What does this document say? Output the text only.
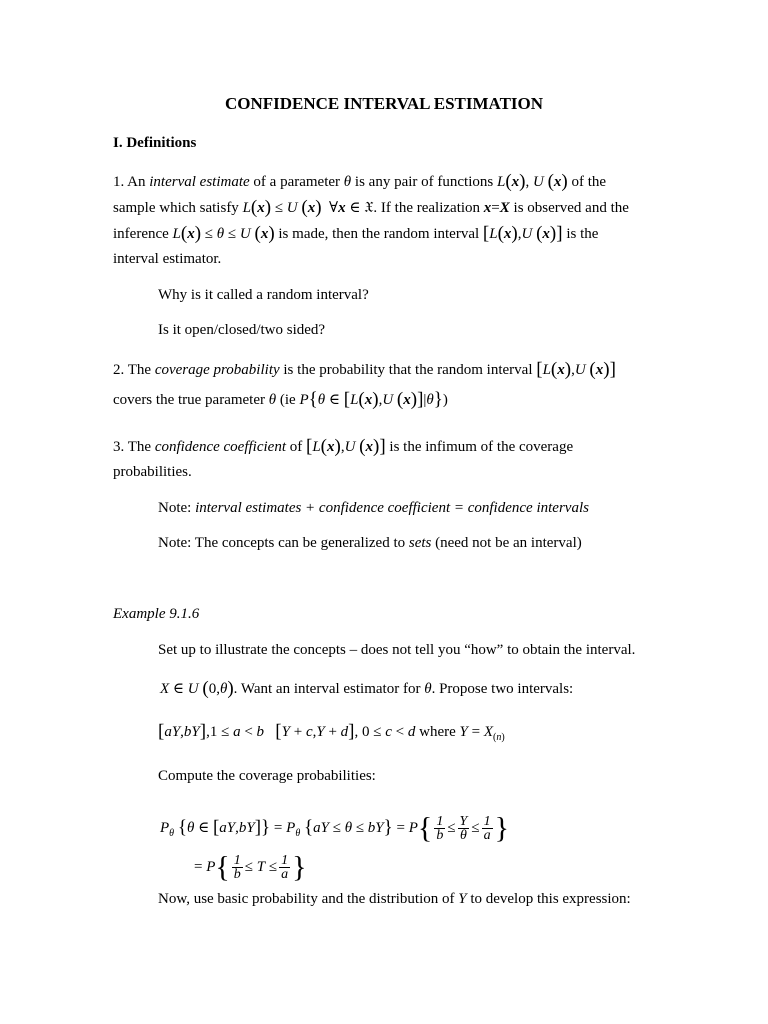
CONFIDENCE INTERVAL ESTIMATION
I. Definitions
1. An interval estimate of a parameter θ is any pair of functions L(x), U (x) of the
sample which satisfy L(x) ≤ U (x)  ∀x ∈ 𝔛. If the realization x=X is observed and the
inference L(x) ≤ θ ≤ U (x) is made, then the random interval [L(x),U (x)] is the
interval estimator.
Why is it called a random interval?
Is it open/closed/two sided?
2. The coverage probability is the probability that the random interval [L(x),U (x)]
covers the true parameter θ (ie P{θ ∈ [L(x),U (x)]|θ})
3. The confidence coefficient of [L(x),U (x)] is the infimum of the coverage
probabilities.
Note: interval estimates + confidence coefficient = confidence intervals
Note: The concepts can be generalized to sets (need not be an interval)
Example 9.1.6
Set up to illustrate the concepts – does not tell you “how” to obtain the interval.
X ∈ U (0,θ). Want an interval estimator for θ. Propose two intervals:
[aY,bY],1 ≤ a < b [Y + c,Y + d], 0 ≤ c < d where $Y = X_{(n)}$
Compute the coverage probabilities:
$P_\theta$ {θ ∈ $[aY,bY]\} = P_\theta$ $\{aY \le \theta \le bY\} = P\{ \frac{1}{b} \le \frac{Y}{\theta} \le \frac{1}{a}$ }
= $P\{ \frac{1}{b} \le T \le \frac{1}{a}$ }
Now, use basic probability and the distribution of Y to develop this expression:
